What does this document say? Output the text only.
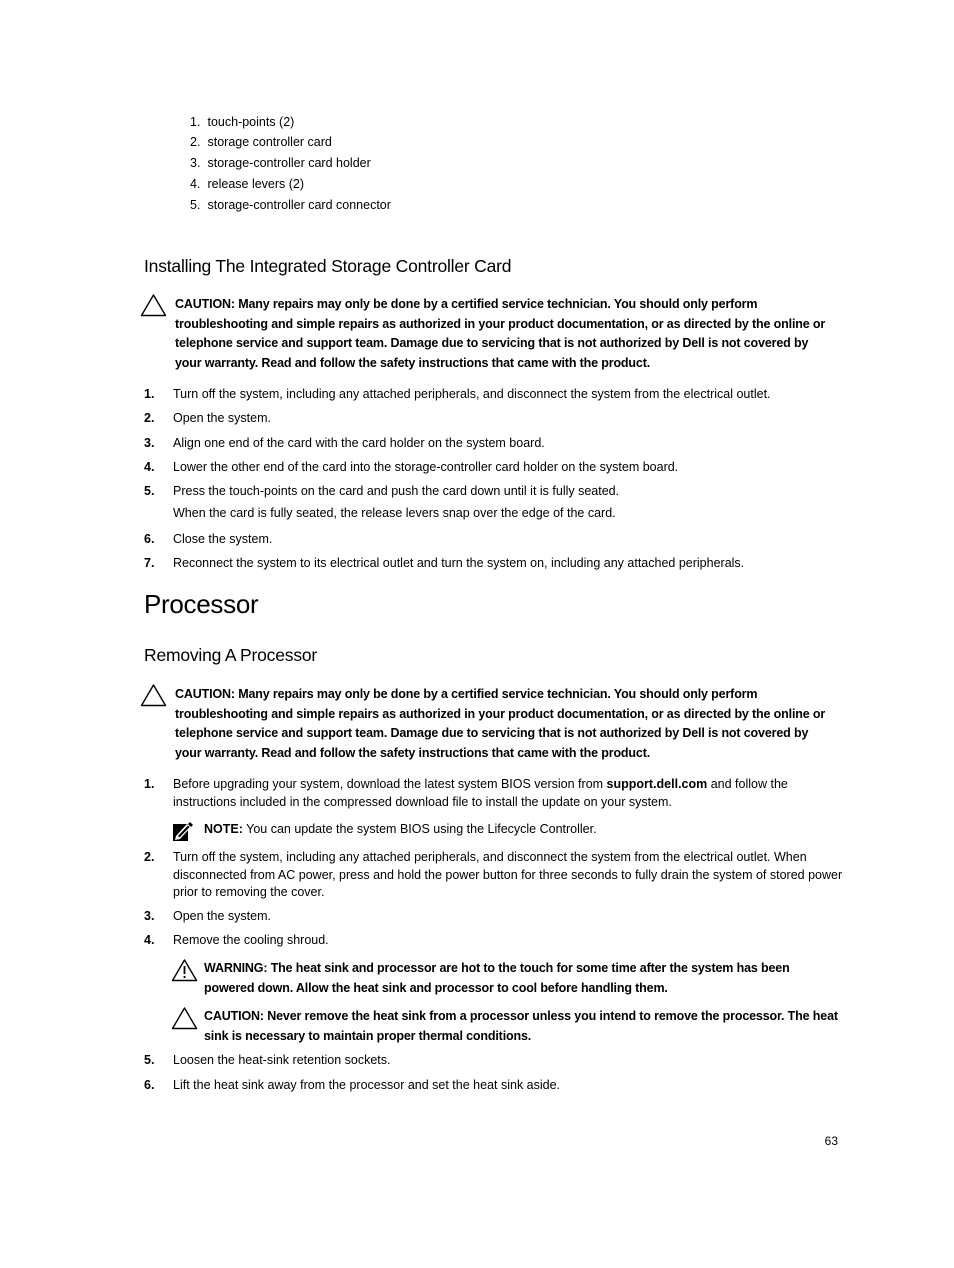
1. touch-points (2)
2. storage controller card
3. storage-controller card holder
4. release levers (2)
5. storage-controller card connector
Installing The Integrated Storage Controller Card
CAUTION: Many repairs may only be done by a certified service technician. You should only perform troubleshooting and simple repairs as authorized in your product documentation, or as directed by the online or telephone service and support team. Damage due to servicing that is not authorized by Dell is not covered by your warranty. Read and follow the safety instructions that came with the product.
1. Turn off the system, including any attached peripherals, and disconnect the system from the electrical outlet.
2. Open the system.
3. Align one end of the card with the card holder on the system board.
4. Lower the other end of the card into the storage-controller card holder on the system board.
5. Press the touch-points on the card and push the card down until it is fully seated.
When the card is fully seated, the release levers snap over the edge of the card.
6. Close the system.
7. Reconnect the system to its electrical outlet and turn the system on, including any attached peripherals.
Processor
Removing A Processor
CAUTION: Many repairs may only be done by a certified service technician. You should only perform troubleshooting and simple repairs as authorized in your product documentation, or as directed by the online or telephone service and support team. Damage due to servicing that is not authorized by Dell is not covered by your warranty. Read and follow the safety instructions that came with the product.
1. Before upgrading your system, download the latest system BIOS version from support.dell.com and follow the instructions included in the compressed download file to install the update on your system.
NOTE: You can update the system BIOS using the Lifecycle Controller.
2. Turn off the system, including any attached peripherals, and disconnect the system from the electrical outlet. When disconnected from AC power, press and hold the power button for three seconds to fully drain the system of stored power prior to removing the cover.
3. Open the system.
4. Remove the cooling shroud.
WARNING: The heat sink and processor are hot to the touch for some time after the system has been powered down. Allow the heat sink and processor to cool before handling them.
CAUTION: Never remove the heat sink from a processor unless you intend to remove the processor. The heat sink is necessary to maintain proper thermal conditions.
5. Loosen the heat-sink retention sockets.
6. Lift the heat sink away from the processor and set the heat sink aside.
63
